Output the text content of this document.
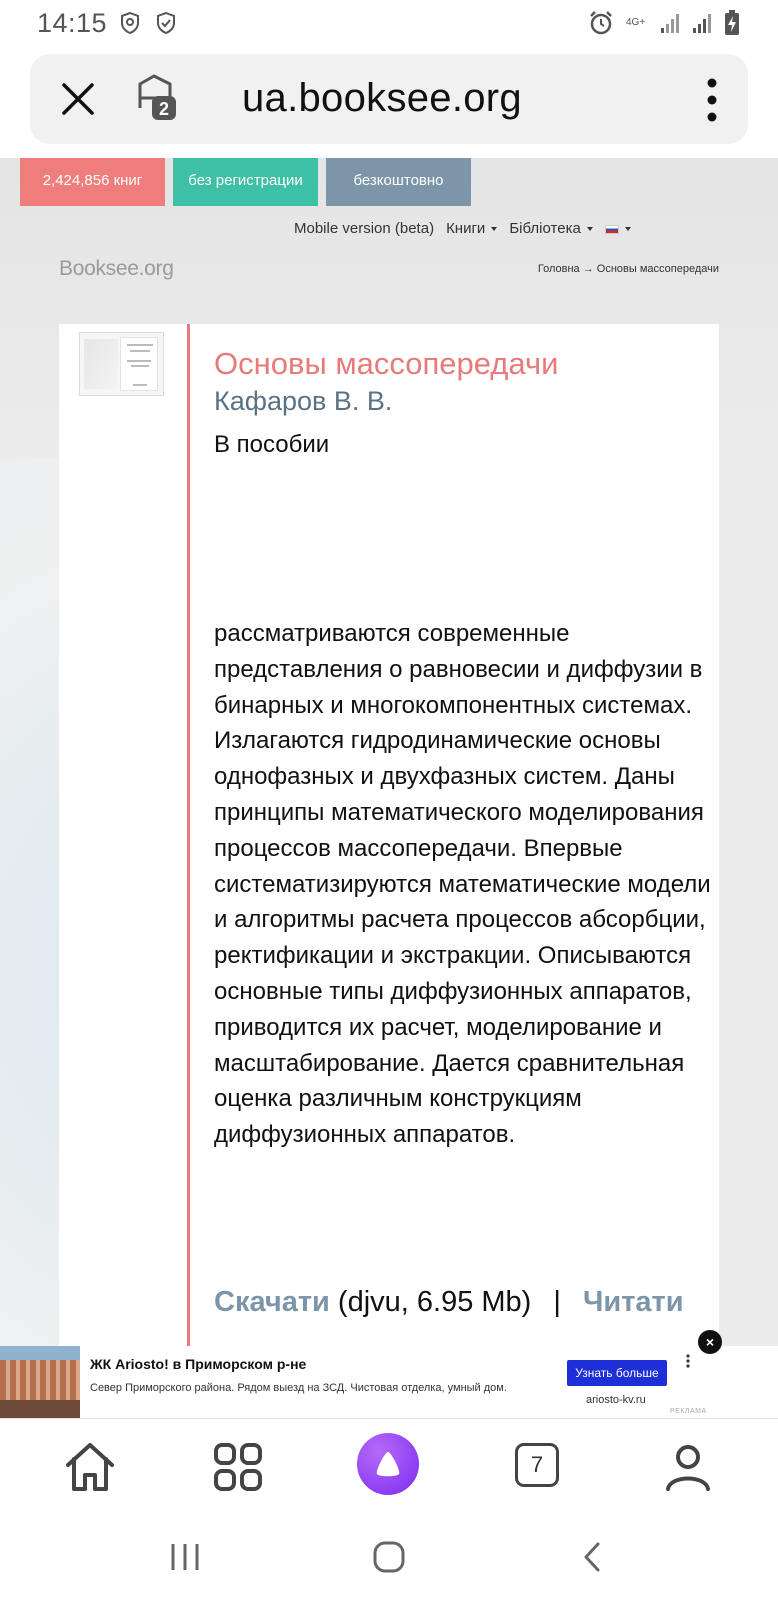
14:15	4G+
2 ua.booksee.org
2,424,856 книг	без регистрации	безкоштовно
Mobile version (beta) Книги	Бібліотека
Booksee.org	Головна → Основы массопередачи
Основы массопередачи
Кафаров В. В.
В пособии
рассматриваются современные представления о равновесии и диффузии в бинарных и многокомпонентных системах. Излагаются гидродинамические основы однофазных и двухфазных систем. Даны принципы математического моделирования процессов массопередачи. Впервые систематизируются математические модели и алгоритмы расчета процессов абсорбции, ректификации и экстракции. Описываются основные типы диффузионных аппаратов, приводится их расчет, моделирование и масштабирование. Дается сравнительная оценка различным конструкциям диффузионных аппаратов.
Скачати (djvu, 6.95 Mb) | Читати
ЖК Ariosto! в Приморском р-не
Север Приморского района. Рядом выезд на ЗСД. Чистовая отделка, умный дом.
Узнать больше
ariosto-kv.ru
РЕКЛАМА
×
7
